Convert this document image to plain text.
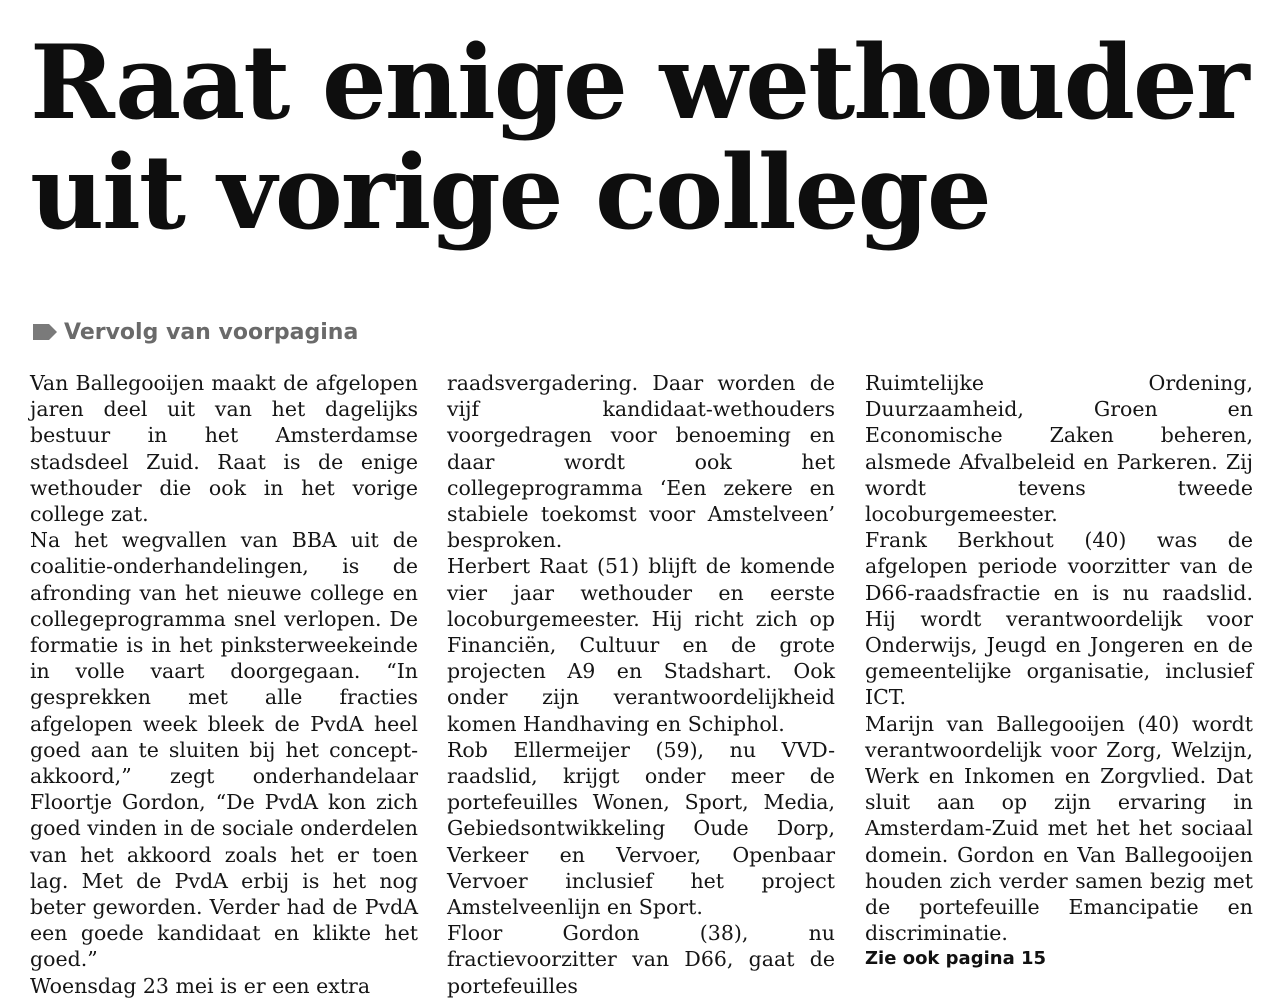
Raat enige wethouder
uit vorige college
Vervolg van voorpagina

Van Ballegooijen maakt de afgelopen jaren deel uit van het dagelijks bestuur in het Amsterdamse stadsdeel Zuid. Raat is de enige wethouder die ook in het vorige college zat.

Na het wegvallen van BBA uit de coalitie-onderhandelingen, is de afronding van het nieuwe college en collegeprogramma snel verlopen. De formatie is in het pinksterweekeinde in volle vaart doorgegaan. “In gesprekken met alle fracties afgelopen week bleek de PvdA heel goed aan te sluiten bij het concept-akkoord,” zegt onderhandelaar Floortje Gordon, “De PvdA kon zich goed vinden in de sociale onderdelen van het akkoord zoals het er toen lag. Met de PvdA erbij is het nog beter geworden. Verder had de PvdA een goede kandidaat en klikte het goed.”

Woensdag 23 mei is er een extra

raadsvergadering. Daar worden de vijf kandidaat-wethouders voorgedragen voor benoeming en daar wordt ook het collegeprogramma ‘Een zekere en stabiele toekomst voor Amstelveen’ besproken.

Herbert Raat (51) blijft de komende vier jaar wethouder en eerste locoburgemeester. Hij richt zich op Financiën, Cultuur en de grote projecten A9 en Stadshart. Ook onder zijn verantwoordelijkheid komen Handhaving en Schiphol.

Rob Ellermeijer (59), nu VVD-raadslid, krijgt onder meer de portefeuilles Wonen, Sport, Media, Gebiedsontwikkeling Oude Dorp, Verkeer en Vervoer, Openbaar Vervoer inclusief het project Amstelveenlijn en Sport.

Floor Gordon (38), nu fractievoorzitter van D66, gaat de portefeuilles

Ruimtelijke Ordening, Duurzaamheid, Groen en Economische Zaken beheren, alsmede Afvalbeleid en Parkeren. Zij wordt tevens tweede locoburgemeester.

Frank Berkhout (40) was de afgelopen periode voorzitter van de D66-raadsfractie en is nu raadslid. Hij wordt verantwoordelijk voor Onderwijs, Jeugd en Jongeren en de gemeentelijke organisatie, inclusief ICT.

Marijn van Ballegooijen (40) wordt verantwoordelijk voor Zorg, Welzijn, Werk en Inkomen en Zorgvlied. Dat sluit aan op zijn ervaring in Amsterdam-Zuid met het het sociaal domein. Gordon en Van Ballegooijen houden zich verder samen bezig met de portefeuille Emancipatie en discriminatie.

Zie ook pagina 15
